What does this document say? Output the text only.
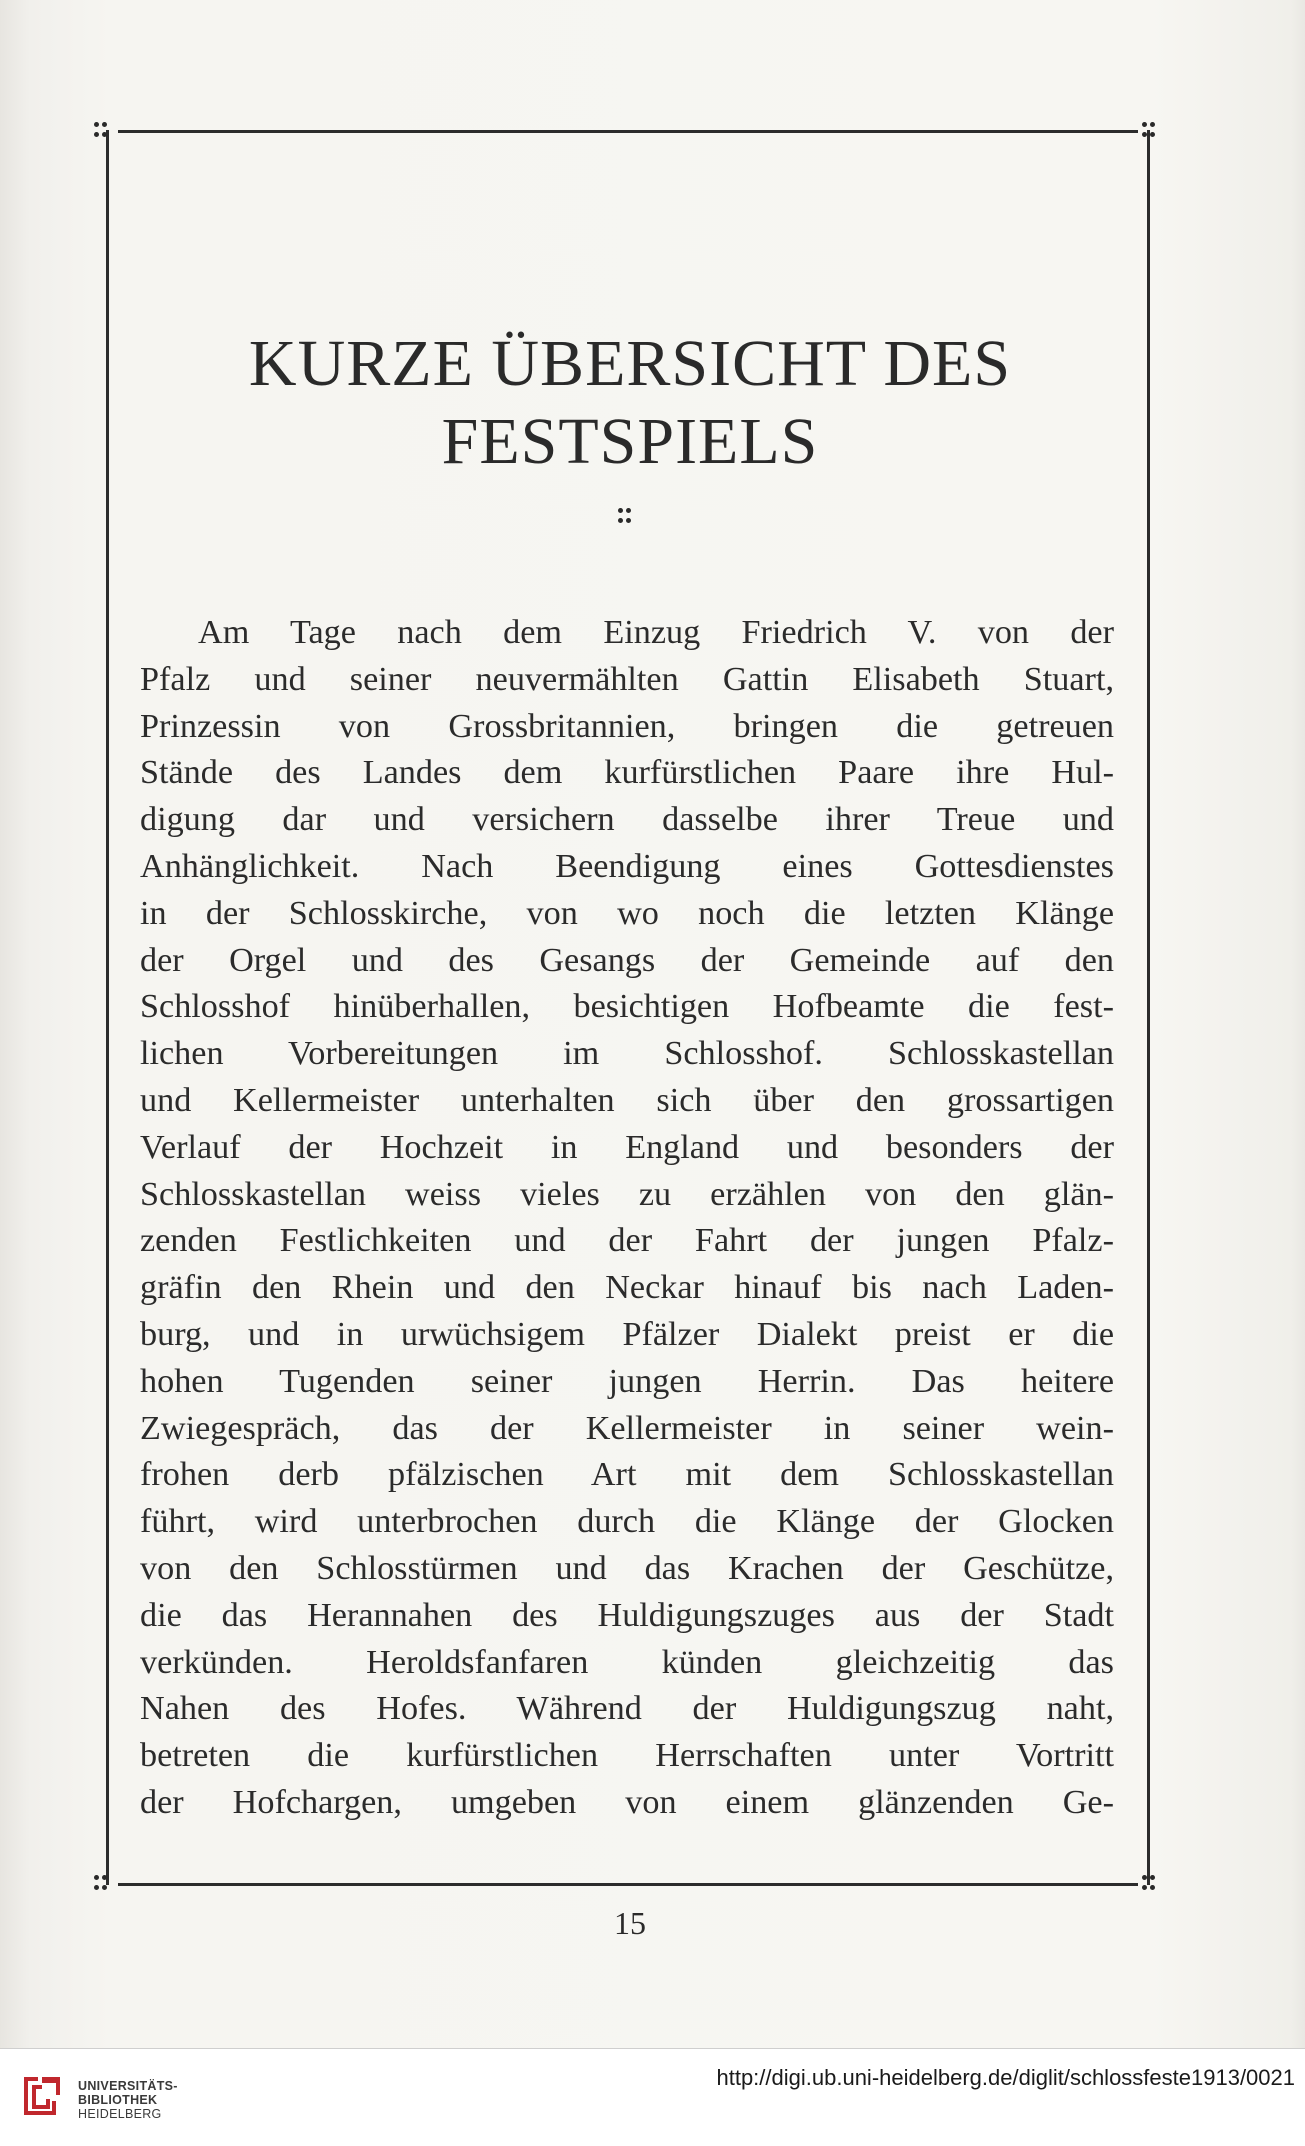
KURZE ÜBERSICHT DES
FESTSPIELS
Am Tage nach dem Einzug Friedrich V. von der
Pfalz und seiner neuvermählten Gattin Elisabeth Stuart,
Prinzessin von Grossbritannien, bringen die getreuen
Stände des Landes dem kurfürstlichen Paare ihre Hul-
digung dar und versichern dasselbe ihrer Treue und
Anhänglichkeit. Nach Beendigung eines Gottesdienstes
in der Schlosskirche, von wo noch die letzten Klänge
der Orgel und des Gesangs der Gemeinde auf den
Schlosshof hinüberhallen, besichtigen Hofbeamte die fest-
lichen Vorbereitungen im Schlosshof. Schlosskastellan
und Kellermeister unterhalten sich über den grossartigen
Verlauf der Hochzeit in England und besonders der
Schlosskastellan weiss vieles zu erzählen von den glän-
zenden Festlichkeiten und der Fahrt der jungen Pfalz-
gräfin den Rhein und den Neckar hinauf bis nach Laden-
burg, und in urwüchsigem Pfälzer Dialekt preist er die
hohen Tugenden seiner jungen Herrin. Das heitere
Zwiegespräch, das der Kellermeister in seiner wein-
frohen derb pfälzischen Art mit dem Schlosskastellan
führt, wird unterbrochen durch die Klänge der Glocken
von den Schlosstürmen und das Krachen der Geschütze,
die das Herannahen des Huldigungszuges aus der Stadt
verkünden. Heroldsfanfaren künden gleichzeitig das
Nahen des Hofes. Während der Huldigungszug naht,
betreten die kurfürstlichen Herrschaften unter Vortritt
der Hofchargen, umgeben von einem glänzenden Ge-
15
UNIVERSITÄTS-
BIBLIOTHEK
HEIDELBERG
http://digi.ub.uni-heidelberg.de/diglit/schlossfeste1913/0021
